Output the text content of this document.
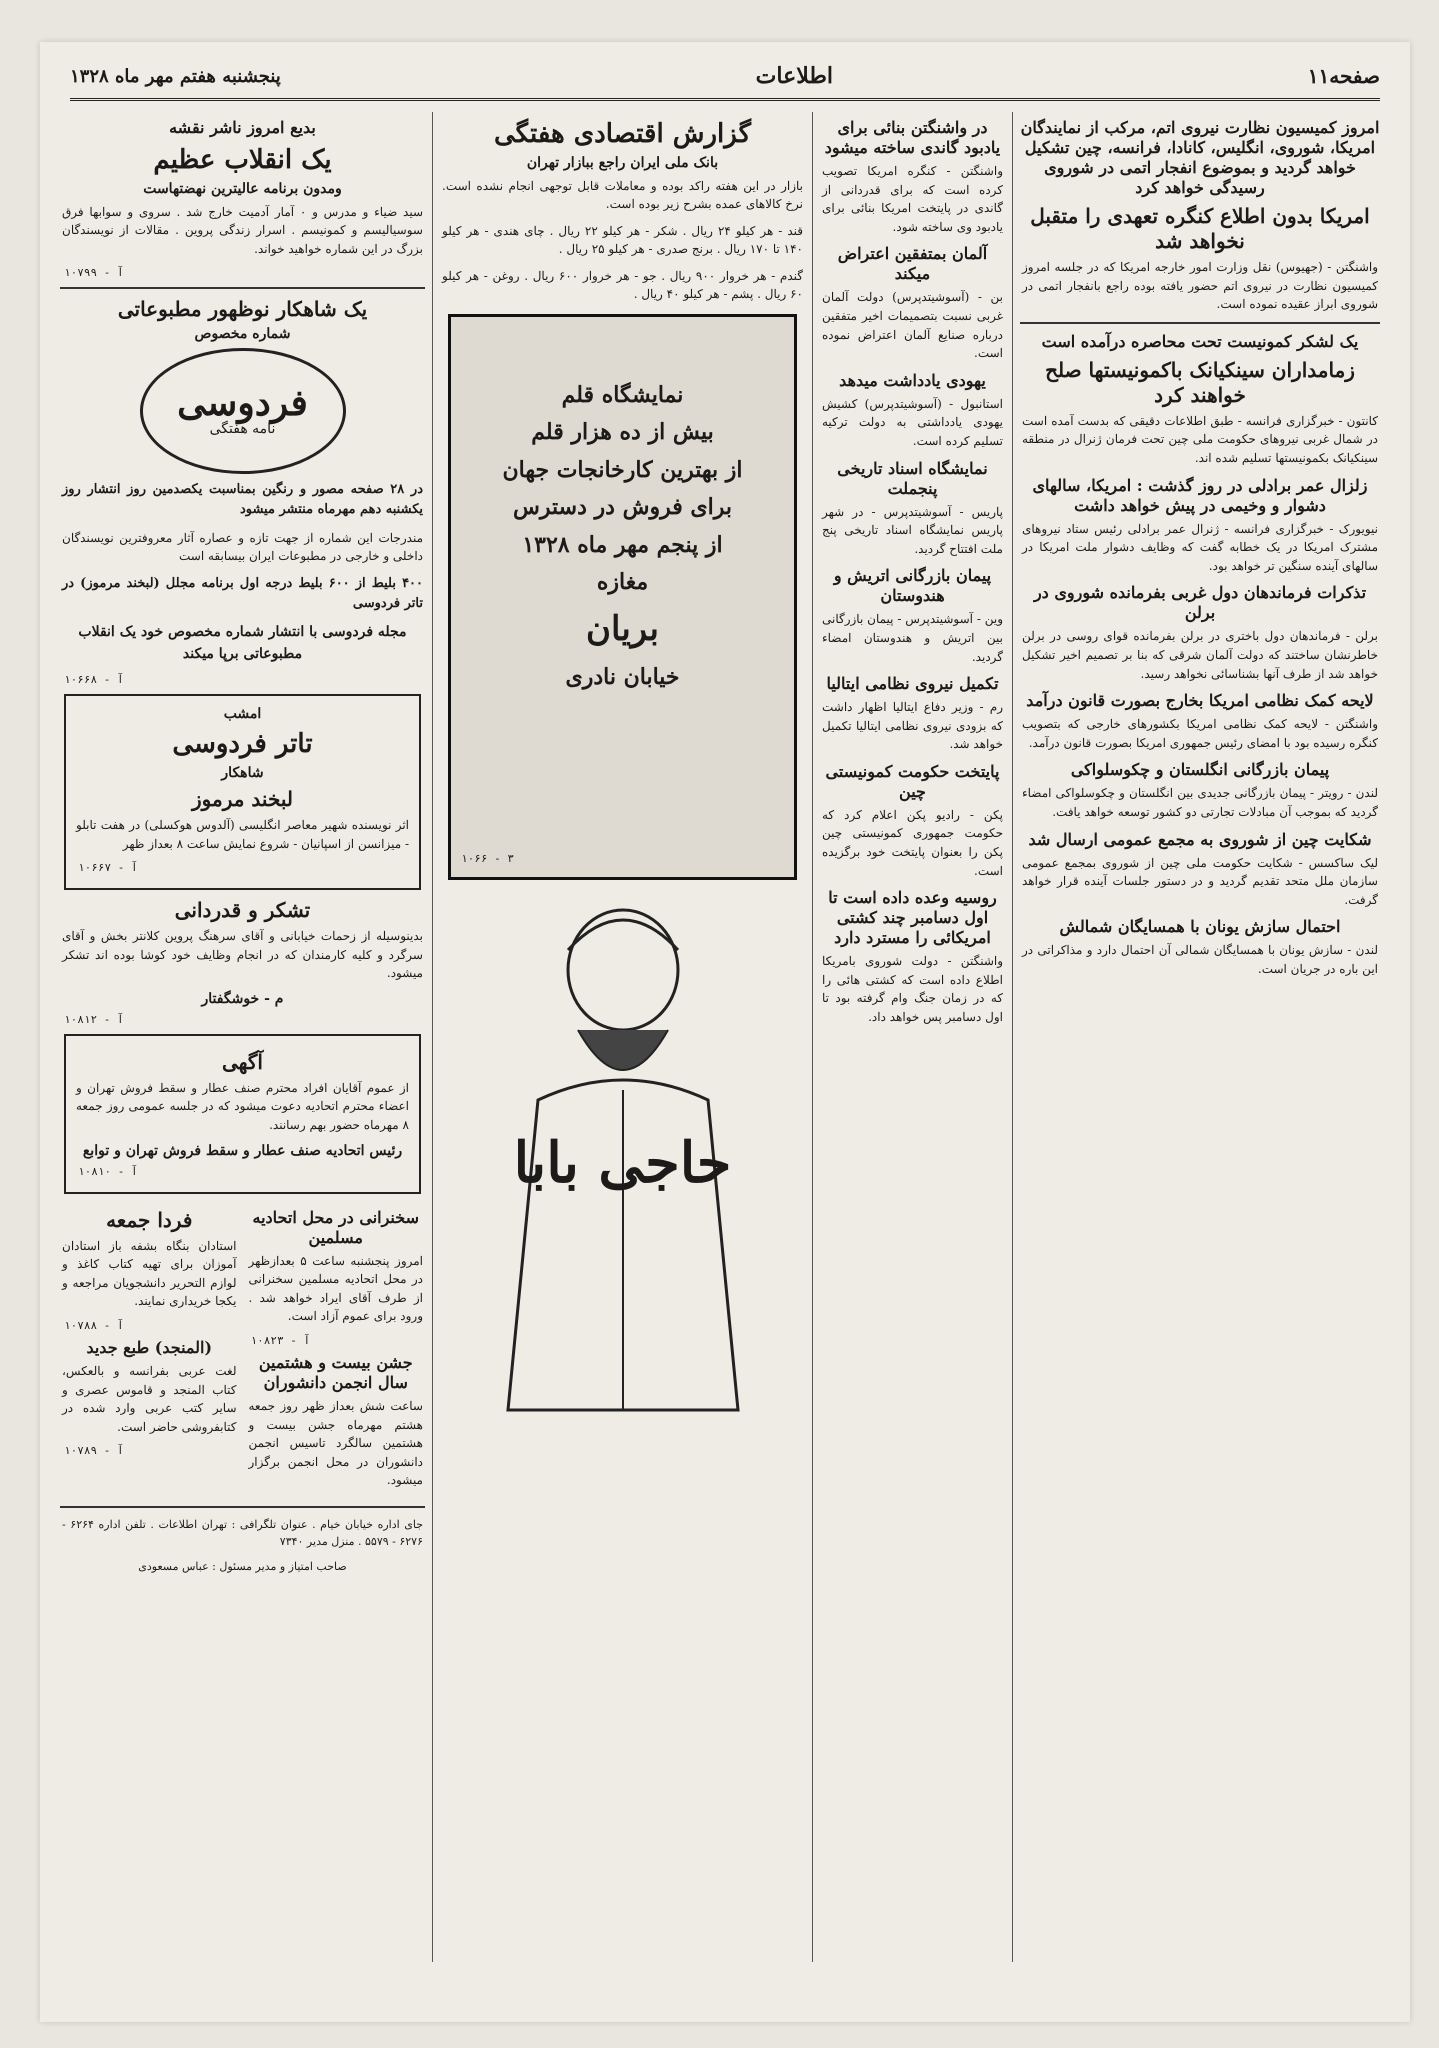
صفحه۱۱
اطلاعات
پنجشنبه هفتم مهر ماه ۱۳۲۸
امروز کمیسیون نظارت نیروی اتم، مرکب از نمایندگان امریکا، شوروی، انگلیس، کانادا، فرانسه، چین تشکیل خواهد گردید و بموضوع انفجار اتمی در شوروی رسیدگی خواهد کرد
امریکا بدون اطلاع کنگره تعهدی را متقبل نخواهد شد

واشنگتن - (جهیوس) نقل وزارت امور خارجه امریکا که در جلسه امروز کمیسیون نظارت در نیروی اتم حضور یافته بوده راجع بانفجار اتمی در شوروی ابراز عقیده نموده است.

یک لشکر کمونیست تحت محاصره درآمده است
زمامداران سینکیانک باکمونیستها صلح خواهند کرد

کانتون - خبرگزاری فرانسه - طبق اطلاعات دقیقی که بدست آمده است در شمال غربی نیروهای حکومت ملی چین تحت فرمان ژنرال در منطقه سینکیانک بکمونیستها تسلیم شده اند.

زلزال عمر برادلی در روز گذشت : امریکا، سالهای دشوار و وخیمی در پیش خواهد داشت

نیویورک - خبرگزاری فرانسه - ژنرال عمر برادلی رئیس ستاد نیروهای مشترک امریکا در یک خطابه گفت که وظایف دشوار ملت امریکا در سالهای آینده سنگین تر خواهد بود.

تذکرات فرماندهان دول غربی بفرمانده شوروی در برلن

برلن - فرماندهان دول باختری در برلن بفرمانده قوای روسی در برلن خاطرنشان ساختند که دولت آلمان شرقی که بنا بر تصمیم اخیر تشکیل خواهد شد از طرف آنها بشناسائی نخواهد رسید.

لایحه کمک نظامی امریکا بخارج بصورت قانون درآمد

واشنگتن - لایحه کمک نظامی امریکا بکشورهای خارجی که بتصویب کنگره رسیده بود با امضای رئیس جمهوری امریکا بصورت قانون درآمد.

پیمان بازرگانی انگلستان و چکوسلواکی

لندن - رویتر - پیمان بازرگانی جدیدی بین انگلستان و چکوسلواکی امضاء گردید که بموجب آن مبادلات تجارتی دو کشور توسعه خواهد یافت.

شکایت چین از شوروی به مجمع عمومی ارسال شد

لیک ساکسس - شکایت حکومت ملی چین از شوروی بمجمع عمومی سازمان ملل متحد تقدیم گردید و در دستور جلسات آینده قرار خواهد گرفت.

احتمال سازش یونان با همسایگان شمالش

لندن - سازش یونان با همسایگان شمالی آن احتمال دارد و مذاکراتی در این باره در جریان است.

در واشنگتن بنائی برای یادبود گاندی ساخته میشود

واشنگتن - کنگره امریکا تصویب کرده است که برای قدردانی از گاندی در پایتخت امریکا بنائی برای یادبود وی ساخته شود.

آلمان بمتفقین اعتراض میکند

بن - (آسوشیتدپرس) دولت آلمان غربی نسبت بتصمیمات اخیر متفقین درباره صنایع آلمان اعتراض نموده است.

یهودی یادداشت میدهد

استانبول - (آسوشیتدپرس) کشیش یهودی یادداشتی به دولت ترکیه تسلیم کرده است.

نمایشگاه اسناد تاریخی پنجملت

پاریس - آسوشیتدپرس - در شهر پاریس نمایشگاه اسناد تاریخی پنج ملت افتتاح گردید.

پیمان بازرگانی اتریش و هندوستان

وین - آسوشیتدپرس - پیمان بازرگانی بین اتریش و هندوستان امضاء گردید.

تکمیل نیروی نظامی ایتالیا

رم - وزیر دفاع ایتالیا اظهار داشت که بزودی نیروی نظامی ایتالیا تکمیل خواهد شد.

پایتخت حکومت کمونیستی چین

پکن - رادیو پکن اعلام کرد که حکومت جمهوری کمونیستی چین پکن را بعنوان پایتخت خود برگزیده است.

روسیه وعده داده است تا اول دسامبر چند کشتی امریکائی را مسترد دارد

واشنگتن - دولت شوروی بامریکا اطلاع داده است که کشتی هائی را که در زمان جنگ وام گرفته بود تا اول دسامبر پس خواهد داد.

گزارش اقتصادی هفتگی
بانک ملی ایران راجع ببازار تهران

بازار در این هفته راکد بوده و معاملات قابل توجهی انجام نشده است. نرخ کالاهای عمده بشرح زیر بوده است.

قند - هر کیلو ۲۴ ریال . شکر - هر کیلو ۲۲ ریال . چای هندی - هر کیلو ۱۴۰ تا ۱۷۰ ریال . برنج صدری - هر کیلو ۲۵ ریال .

گندم - هر خروار ۹۰۰ ریال . جو - هر خروار ۶۰۰ ریال . روغن - هر کیلو ۶۰ ریال . پشم - هر کیلو ۴۰ ریال .

نمایشگاه قلم
بیش از ده هزار قلم
از بهترین کارخانجات جهان
برای فروش در دسترس
از پنجم مهر ماه ۱۳۲۸
مغازه
بریان
خیابان نادری
۱۰۶۶ - ۳
حاجی بابا
بدیع امروز ناشر نقشه
یک انقلاب عظیم
ومدون برنامه عالیترین نهضتهاست

سید ضیاء و مدرس و ۰ آمار آدمیت خارج شد . سروی و سوابها فرق سوسیالیسم و کمونیسم . اسرار زندگی پروین . مقالات از نویسندگان بزرگ در این شماره خواهید خواند.

آ - ۱۰۷۹۹
یک شاهکار نوظهور مطبوعاتی
شماره مخصوص
فردوسی
نامه هفتگی

در ۲۸ صفحه مصور و رنگین بمناسبت یکصدمین روز انتشار روز یکشنبه دهم مهرماه منتشر میشود

مندرجات این شماره از جهت تازه و عصاره آثار معروفترین نویسندگان داخلی و خارجی در مطبوعات ایران بیسابقه است

۴۰۰ بلیط از ۶۰۰ بلیط درجه اول برنامه مجلل (لبخند مرموز) در تاتر فردوسی

مجله فردوسی با انتشار شماره مخصوص خود یک انقلاب مطبوعاتی برپا میکند

آ - ۱۰۶۶۸
امشب
تاتر فردوسی
شاهکار
لبخند مرموز

اثر نویسنده شهیر معاصر انگلیسی (آلدوس هوکسلی) در هفت تابلو - میزانسن از اسپانیان - شروع نمایش ساعت ۸ بعداز ظهر

آ - ۱۰۶۶۷
تشکر و قدردانی

بدینوسیله از زحمات خیابانی و آقای سرهنگ پروین کلانتر بخش و آقای سرگرد و کلیه کارمندان که در انجام وظایف خود کوشا بوده اند تشکر میشود.

م - خوشگفتار
آ - ۱۰۸۱۲
آگهی

از عموم آقایان افراد محترم صنف عطار و سقط فروش تهران و اعضاء محترم اتحادیه دعوت میشود که در جلسه عمومی روز جمعه ۸ مهرماه حضور بهم رسانند.

رئیس اتحادیه صنف عطار و سقط فروش تهران و توابع
آ - ۱۰۸۱۰
سخنرانی در محل اتحادیه مسلمین

امروز پنجشنبه ساعت ۵ بعدازظهر در محل اتحادیه مسلمین سخنرانی از طرف آقای ایراد خواهد شد . ورود برای عموم آزاد است.

آ - ۱۰۸۲۳
جشن بیست و هشتمین سال انجمن دانشوران

ساعت شش بعداز ظهر روز جمعه هشتم مهرماه جشن بیست و هشتمین سالگرد تاسیس انجمن دانشوران در محل انجمن برگزار میشود.

فردا جمعه

استادان بنگاه بشفه باز استادان آموزان برای تهیه کتاب کاغذ و لوازم التحریر دانشجویان مراجعه و یکجا خریداری نمایند.

آ - ۱۰۷۸۸
(المنجد) طبع جدید

لغت عربی بفرانسه و بالعکس، کتاب المنجد و قاموس عصری و سایر کتب عربی وارد شده در کتابفروشی حاضر است.

آ - ۱۰۷۸۹

جای اداره خیابان خیام . عنوان تلگرافی : تهران اطلاعات . تلفن اداره ۶۲۶۴ - ۶۲۷۶ - ۵۵۷۹ . منزل مدیر ۷۳۴۰

صاحب امتیاز و مدیر مسئول : عباس مسعودی
